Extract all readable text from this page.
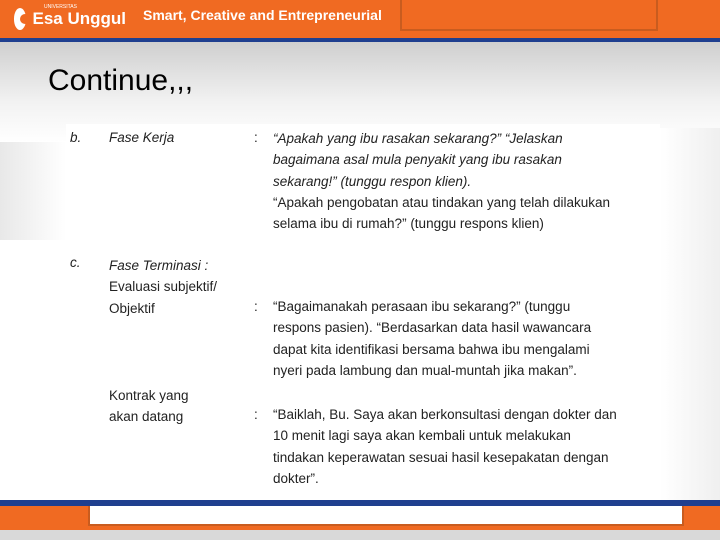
Esa Unggul
UNIVERSITAS	Smart, Creative and Entrepreneurial
Continue,,,
b. Fase Kerja	: “Apakah yang ibu rasakan sekarang?” “Jelaskan
bagaimana asal mula penyakit yang ibu rasakan
sekarang!” (tunggu respon klien).
“Apakah pengobatan atau tindakan yang telah dilakukan
selama ibu di rumah?” (tunggu respons klien)
c. Fase Terminasi :
Evaluasi subjektif/
Objektif	: “Bagaimanakah perasaan ibu sekarang?” (tunggu
respons pasien). “Berdasarkan data hasil wawancara
dapat kita identifikasi bersama bahwa ibu mengalami
nyeri pada lambung dan mual-muntah jika makan”.
Kontrak yang
akan datang	: “Baiklah, Bu. Saya akan berkonsultasi dengan dokter dan
10 menit lagi saya akan kembali untuk melakukan
tindakan keperawatan sesuai hasil kesepakatan dengan
dokter”.
